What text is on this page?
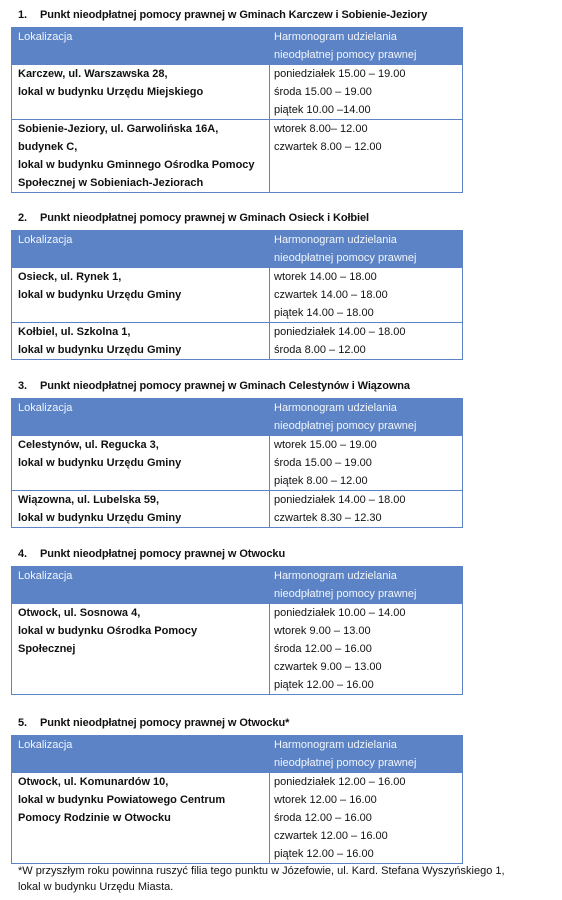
1. Punkt nieodpłatnej pomocy prawnej w Gminach Karczew i Sobienie-Jeziory
Lokalizacja	Harmonogram udzielania
nieodpłatnej pomocy prawnej

Karczew, ul. Warszawska 28,
lokal w budynku Urzędu Miejskiego	poniedziałek 15.00 – 19.00
środa 15.00 – 19.00
piątek 10.00 –14.00

Sobienie-Jeziory, ul. Garwolińska 16A,
budynek C,
lokal w budynku Gminnego Ośrodka Pomocy
Społecznej w Sobieniach-Jeziorach	wtorek 8.00– 12.00
czwartek 8.00 – 12.00
2. Punkt nieodpłatnej pomocy prawnej w Gminach Osieck i Kołbiel
Lokalizacja	Harmonogram udzielania
nieodpłatnej pomocy prawnej

Osieck, ul. Rynek 1,
lokal w budynku Urzędu Gminy	wtorek 14.00 – 18.00
czwartek 14.00 – 18.00
piątek 14.00 – 18.00

Kołbiel, ul. Szkolna 1,
lokal w budynku Urzędu Gminy	poniedziałek 14.00 – 18.00
środa 8.00 – 12.00
3. Punkt nieodpłatnej pomocy prawnej w Gminach Celestynów i Wiązowna
Lokalizacja	Harmonogram udzielania
nieodpłatnej pomocy prawnej

Celestynów, ul. Regucka 3,
lokal w budynku Urzędu Gminy	wtorek 15.00 – 19.00
środa 15.00 – 19.00
piątek 8.00 – 12.00

Wiązowna, ul. Lubelska 59,
lokal w budynku Urzędu Gminy	poniedziałek 14.00 – 18.00
czwartek 8.30 – 12.30
4. Punkt nieodpłatnej pomocy prawnej w Otwocku
Lokalizacja	Harmonogram udzielania
nieodpłatnej pomocy prawnej

Otwock, ul. Sosnowa 4,
lokal w budynku Ośrodka Pomocy
Społecznej	poniedziałek 10.00 – 14.00
wtorek 9.00 – 13.00
środa 12.00 – 16.00
czwartek 9.00 – 13.00
piątek 12.00 – 16.00
5. Punkt nieodpłatnej pomocy prawnej w Otwocku*
Lokalizacja	Harmonogram udzielania
nieodpłatnej pomocy prawnej

Otwock, ul. Komunardów 10,
lokal w budynku Powiatowego Centrum
Pomocy Rodzinie w Otwocku	poniedziałek 12.00 – 16.00
wtorek 12.00 – 16.00
środa 12.00 – 16.00
czwartek 12.00 – 16.00
piątek 12.00 – 16.00
*W przyszłym roku powinna ruszyć filia tego punktu w Józefowie, ul. Kard. Stefana Wyszyńskiego 1,
lokal w budynku Urzędu Miasta.
